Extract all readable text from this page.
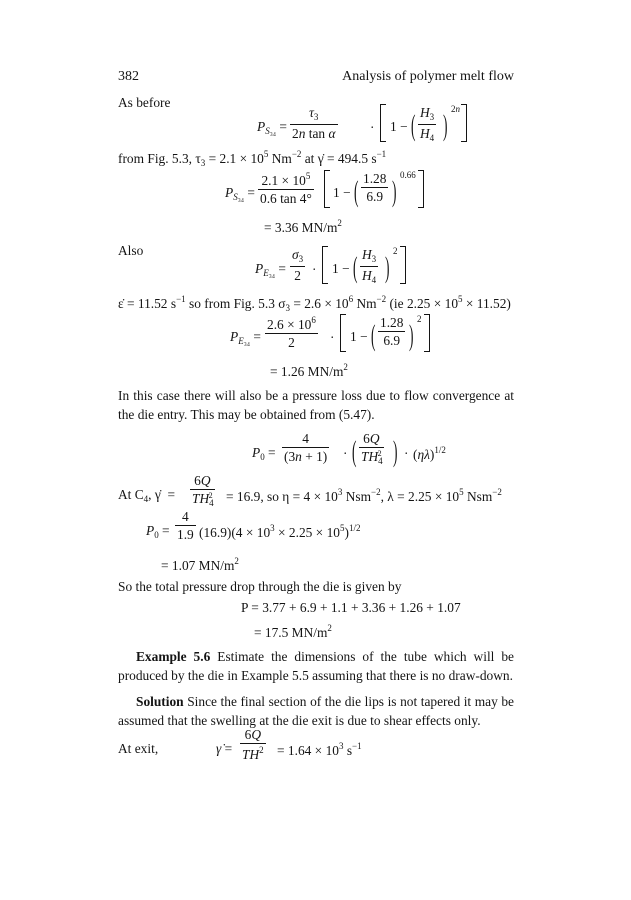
382	Analysis of polymer melt flow
As before
$P_{S_{34}} = \frac{\tau_3}{\text{2n tan α}} \cdot 1$ − ( $\frac{H_3}{H_4}$ ) 2n
from Fig. 5.3, $\tau_3 = 2.1 \times 10^5$ $Nm^{-2}$ at γ̇ = 494.5 $s^{-1}$
$P_{S_{34}} = \frac{2.1 \times 10^5}{0.6 \tan 4^\circ} 1$ − ( $\frac{1.28}{6.9}$ ) 0.66
= 3.36 $MN/m^2$
Also
$P_{E_{34}} = \frac{\sigma_3}{2} \cdot 1$ − ( $\frac{H_3}{H_4}$ ) 2
ε̇ = 11.52 $s^{-1}$ so from Fig. 5.3 $\sigma_3 = 2.6 \times 10^6$ $Nm^{-2}$ (ie $2.25 \times 10^5 \times 11.52$)
$P_{E_{34}} = \frac{2.6 \times 10^6}{2} \cdot 1$ − ( $\frac{1.28}{6.9}$ ) 2
= 1.26 $MN/m^2$
In this case there will also be a pressure loss due to flow convergence at the die entry. This may be obtained from (5.47).
$P_0 = \frac{4}{(3n + 1)}$ · ( $\frac{6Q}{TH_4^2}$ ) · $(\eta\lambda)^{1/2}$
At $C_4$, γ̇  = $\frac{6Q}{TH_4^2} = 16.9$, so $\eta = 4 \times 10^3$ Nsm$^{-2}$, $\lambda = 2.25 \times 10^5$ Nsm$^{-2}$
$P_0 = \frac{4}{1.9} (16.9)(4 \times 10^3 \times 2.25 \times 10^5)^{1/2}$
= 1.07 $MN/m^2$
So the total pressure drop through the die is given by
P = 3.77 + 6.9 + 1.1 + 3.36 + 1.26 + 1.07
= 17.5 $MN/m^2$
Example 5.6 Estimate the dimensions of the tube which will be produced by the die in Example 5.5 assuming that there is no draw-down.
Solution Since the final section of the die lips is not tapered it may be assumed that the swelling at the die exit is due to shear effects only.
At exit,	γ̇ = $\frac{6Q}{TH^2} = 1.64 \times 10^3$ $s^{-1}$
